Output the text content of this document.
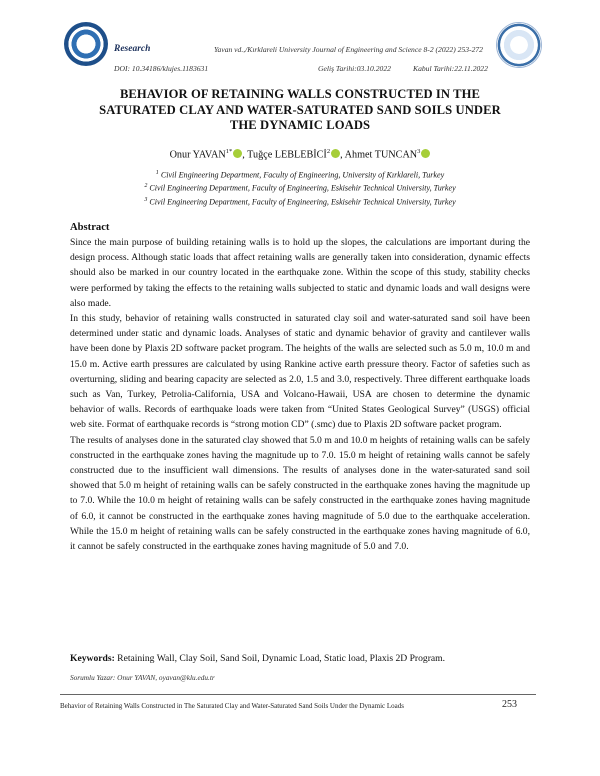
Research	Yavan vd.,/Kırklareli University Journal of Engineering and Science 8-2 (2022) 253-272
DOI: 10.34186/klujes.1183631	Geliş Tarihi:03.10.2022	Kabul Tarihi:22.11.2022
BEHAVIOR OF RETAINING WALLS CONSTRUCTED IN THE
SATURATED CLAY AND WATER-SATURATED SAND SOILS UNDER
THE DYNAMIC LOADS
Onur $YAVAN^{1*}$ , Tuğçe LEBLEBİCİ$^2$ , Ahmet TUNCAN$^3$
$^1$ Civil Engineering Department, Faculty of Engineering, University of Kırklareli, Turkey
$^2$ Civil Engineering Department, Faculty of Engineering, Eskisehir Technical University, Turkey
$^3$ Civil Engineering Department, Faculty of Engineering, Eskisehir Technical University, Turkey
Abstract

Since the main purpose of building retaining walls is to hold up the slopes, the calculations are important during the design process. Although static loads that affect retaining walls are generally taken into consideration, dynamic effects should also be marked in our country located in the earthquake zone. Within the scope of this study, stability checks were performed by taking the effects to the retaining walls subjected to static and dynamic loads and wall designs were also made.

In this study, behavior of retaining walls constructed in saturated clay soil and water-saturated sand soil have been determined under static and dynamic loads. Analyses of static and dynamic behavior of gravity and cantilever walls have been done by Plaxis 2D software packet program. The heights of the walls are selected such as 5.0 m, 10.0 m and 15.0 m. Active earth pressures are calculated by using Rankine active earth pressure theory. Factor of safeties such as overturning, sliding and bearing capacity are selected as 2.0, 1.5 and 3.0, respectively. Three different earthquake loads such as Van, Turkey, Petrolia-California, USA and Volcano-Hawaii, USA are chosen to determine the dynamic behavior of walls. Records of earthquake loads were taken from “United States Geological Survey” (USGS) official web site. Format of earthquake records is “strong motion CD” (.smc) due to Plaxis 2D software packet program.

The results of analyses done in the saturated clay showed that 5.0 m and 10.0 m heights of retaining walls can be safely constructed in the earthquake zones having the magnitude up to 7.0. 15.0 m height of retaining walls cannot be safely constructed due to the insufficient wall dimensions. The results of analyses done in the water-saturated sand soil showed that 5.0 m height of retaining walls can be safely constructed in the earthquake zones having the magnitude up to 7.0. While the 10.0 m height of retaining walls can be safely constructed in the earthquake zones having magnitude of 6.0, it cannot be constructed in the earthquake zones having magnitude of 5.0 due to the earthquake acceleration. While the 15.0 m height of retaining walls can be safely constructed in the earthquake zones having magnitude of 6.0, it cannot be safely constructed in the earthquake zones having magnitude of 5.0 and 7.0.

Keywords: Retaining Wall, Clay Soil, Sand Soil, Dynamic Load, Static load, Plaxis 2D Program.
Sorumlu Yazar: Onur YAVAN, oyavan@klu.edu.tr
Behavior of Retaining Walls Constructed in The Saturated Clay and Water-Saturated Sand Soils Under the Dynamic Loads	253
